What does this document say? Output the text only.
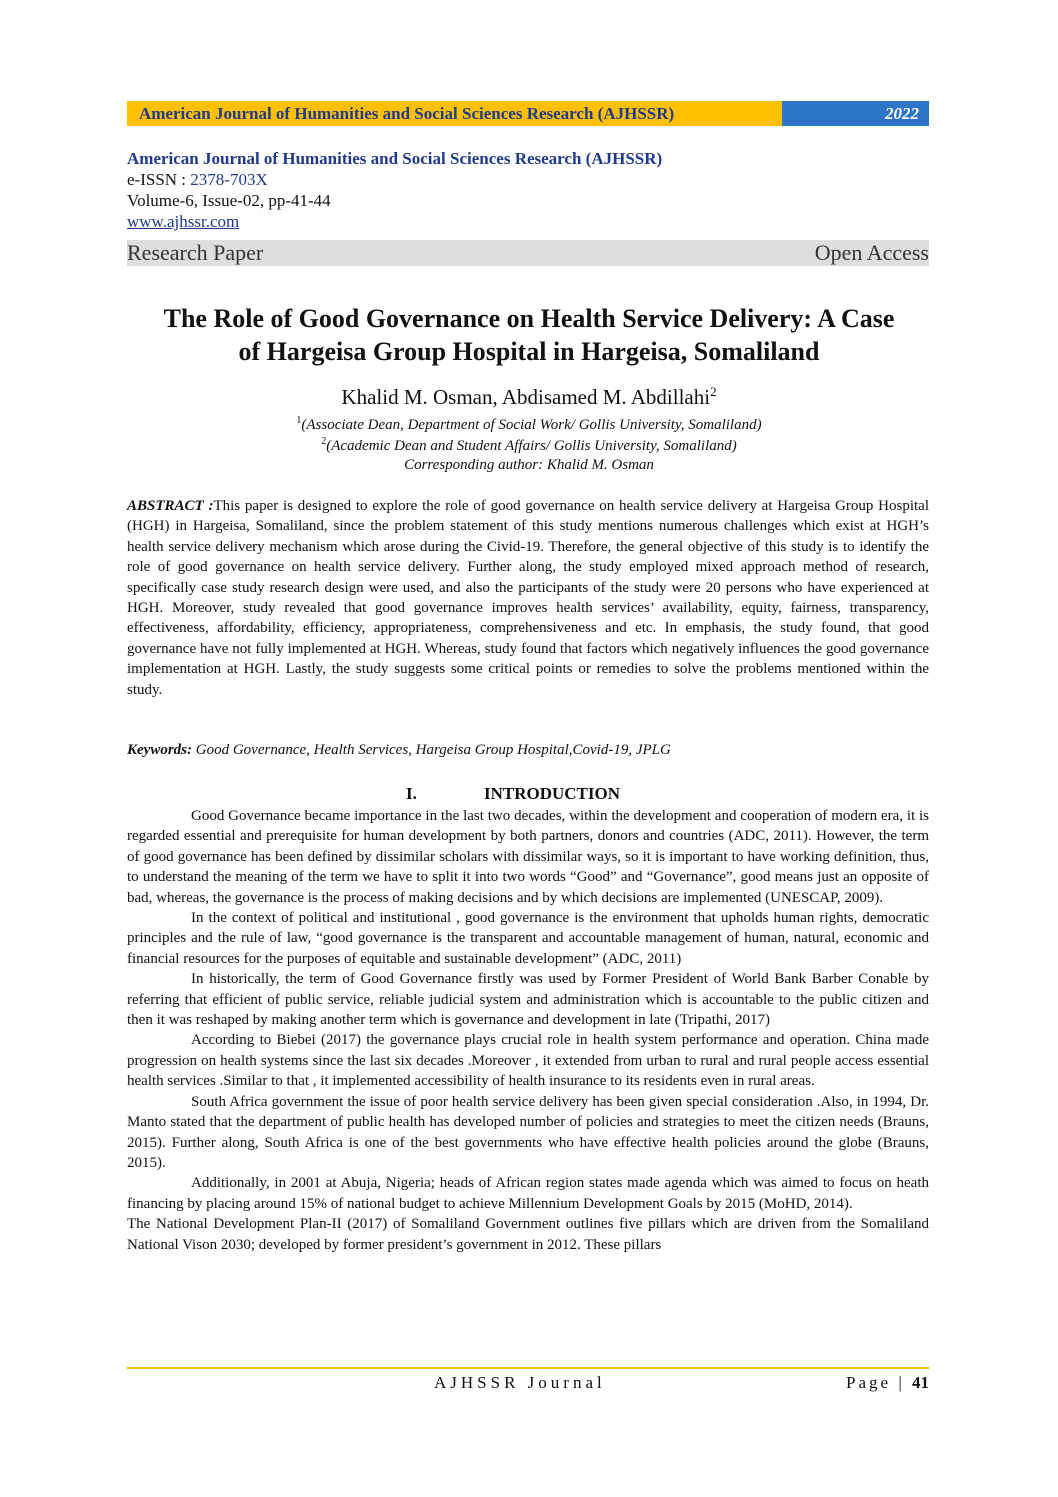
American Journal of Humanities and Social Sciences Research (AJHSSR)	2022
American Journal of Humanities and Social Sciences Research (AJHSSR)
e-ISSN : 2378-703X
Volume-6, Issue-02, pp-41-44
www.ajhssr.com
Research Paper	Open Access
The Role of Good Governance on Health Service Delivery: A Case
of Hargeisa Group Hospital in Hargeisa, Somaliland
Khalid M. Osman, Abdisamed M. Abdillahi$^2$
$^1$(Associate Dean, Department of Social Work/ Gollis University, Somaliland)
$^2$(Academic Dean and Student Affairs/ Gollis University, Somaliland)
Corresponding author: Khalid M. Osman
ABSTRACT :This paper is designed to explore the role of good governance on health service delivery at Hargeisa Group Hospital (HGH) in Hargeisa, Somaliland, since the problem statement of this study mentions numerous challenges which exist at HGH’s health service delivery mechanism which arose during the Civid-19. Therefore, the general objective of this study is to identify the role of good governance on health service delivery. Further along, the study employed mixed approach method of research, specifically case study research design were used, and also the participants of the study were 20 persons who have experienced at HGH. Moreover, study revealed that good governance improves health services’ availability, equity, fairness, transparency, effectiveness, affordability, efficiency, appropriateness, comprehensiveness and etc. In emphasis, the study found, that good governance have not fully implemented at HGH. Whereas, study found that factors which negatively influences the good governance implementation at HGH. Lastly, the study suggests some critical points or remedies to solve the problems mentioned within the study.
Keywords: Good Governance, Health Services, Hargeisa Group Hospital,Covid-19, JPLG
I.	INTRODUCTION

Good Governance became importance in the last two decades, within the development and cooperation of modern era, it is regarded essential and prerequisite for human development by both partners, donors and countries (ADC, 2011). However, the term of good governance has been defined by dissimilar scholars with dissimilar ways, so it is important to have working definition, thus, to understand the meaning of the term we have to split it into two words “Good” and “Governance”, good means just an opposite of bad, whereas, the governance is the process of making decisions and by which decisions are implemented (UNESCAP, 2009).

In the context of political and institutional , good governance is the environment that upholds human rights, democratic principles and the rule of law, “good governance is the transparent and accountable management of human, natural, economic and financial resources for the purposes of equitable and sustainable development” (ADC, 2011)

In historically, the term of Good Governance firstly was used by Former President of World Bank Barber Conable by referring that efficient of public service, reliable judicial system and administration which is accountable to the public citizen and then it was reshaped by making another term which is governance and development in late (Tripathi, 2017)

According to Biebei (2017) the governance plays crucial role in health system performance and operation. China made progression on health systems since the last six decades .Moreover , it extended from urban to rural and rural people access essential health services .Similar to that , it implemented accessibility of health insurance to its residents even in rural areas.

South Africa government the issue of poor health service delivery has been given special consideration .Also, in 1994, Dr. Manto stated that the department of public health has developed number of policies and strategies to meet the citizen needs (Brauns, 2015). Further along, South Africa is one of the best governments who have effective health policies around the globe (Brauns, 2015).

Additionally, in 2001 at Abuja, Nigeria; heads of African region states made agenda which was aimed to focus on heath financing by placing around 15% of national budget to achieve Millennium Development Goals by 2015 (MoHD, 2014).

The National Development Plan-II (2017) of Somaliland Government outlines five pillars which are driven from the Somaliland National Vison 2030; developed by former president’s government in 2012. These pillars

AJHSSR Journal	Page | 41
